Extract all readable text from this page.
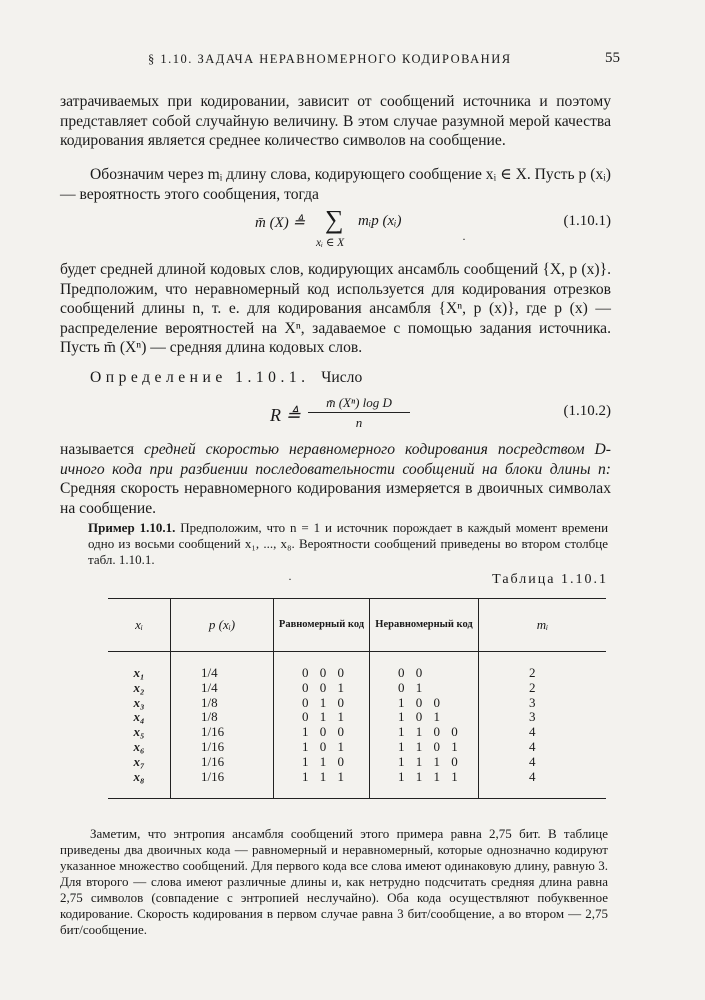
§ 1.10. ЗАДАЧА НЕРАВНОМЕРНОГО КОДИРОВАНИЯ	55
затрачиваемых при кодировании, зависит от сообщений источника и поэтому представляет собой случайную величину. В этом случае разумной мерой качества кодирования является среднее количество символов на сообщение.
Обозначим через mᵢ длину слова, кодирующего сообщение xᵢ ∈ X. Пусть p (xᵢ) — вероятность этого сообщения, тогда
m̄ (X) ≜ ∑
xᵢ ∈ X
mᵢp (xᵢ)	(1.10.1)
·
будет средней длиной кодовых слов, кодирующих ансамбль сообщений {X, p (x)}. Предположим, что неравномерный код используется для кодирования отрезков сообщений длины n, т. е. для кодирования ансамбля {Xⁿ, p (x)}, где p (x) — распределение вероятностей на Xⁿ, задаваемое с помощью задания источника. Пусть m̄ (Xⁿ) — средняя длина кодовых слов.
Определение 1.10.1. Число
R ≜
m̄ (Xⁿ) log D
n
(1.10.2)
называется средней скоростью неравномерного кодирования посредством D-ичного кода при разбиении последовательности сообщений на блоки длины n: Средняя скорость неравномерного кодирования измеряется в двоичных символах на сообщение.
Пример 1.10.1. Предположим, что n = 1 и источник порождает в каждый момент времени одно из восьми сообщений x₁, ..., x₈. Вероятности сообщений приведены во втором столбце табл. 1.10.1.
·	Таблица 1.10.1
xᵢ	p (xᵢ)	Равномерный код	Неравномерный код	mᵢ

x₁	1/4	0 0 0	0 0	2
x₂	1/4	0 0 1	0 1	2
x₃	1/8	0 1 0	1 0 0	3
x₄	1/8	0 1 1	1 0 1	3
x₅	1/16	1 0 0	1 1 0 0	4
x₆	1/16	1 0 1	1 1 0 1	4
x₇	1/16	1 1 0	1 1 1 0	4
x₈	1/16	1 1 1	1 1 1 1	4

Заметим, что энтропия ансамбля сообщений этого примера равна 2,75 бит. В таблице приведены два двоичных кода — равномерный и неравномерный, которые однозначно кодируют указанное множество сообщений. Для первого кода все слова имеют одинаковую длину, равную 3. Для второго — слова имеют различные длины и, как нетрудно подсчитать средняя длина равна 2,75 символов (совпадение с энтропией неслучайно). Оба кода осуществляют побуквенное кодирование. Скорость кодирования в первом случае равна 3 бит/сообщение, а во втором — 2,75 бит/сообщение.
